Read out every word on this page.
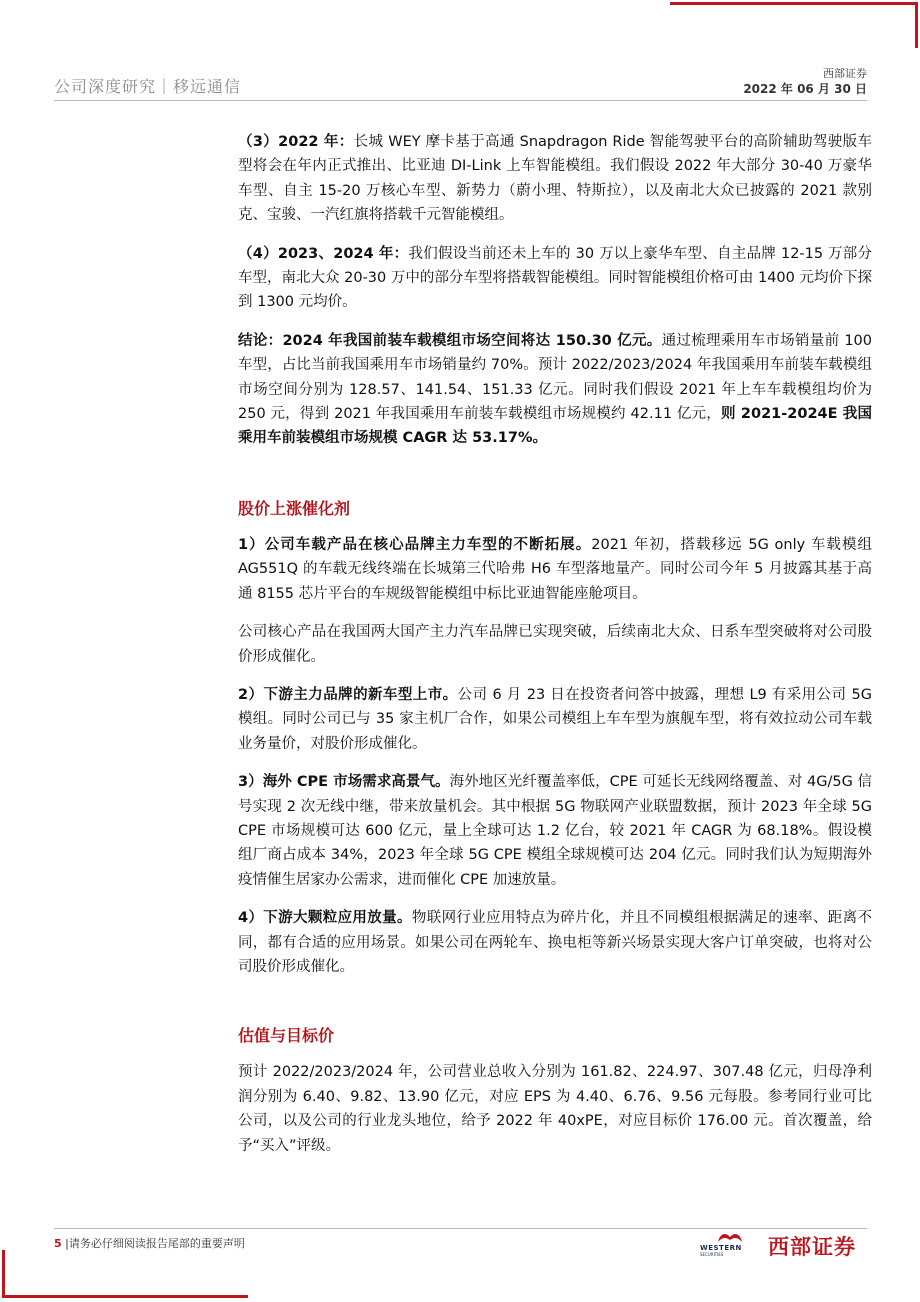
公司深度研究｜移远通信
西部证券
2022 年 06 月 30 日

（3）2022 年：长城 WEY 摩卡基于高通 Snapdragon Ride 智能驾驶平台的高阶辅助驾驶版车型将会在年内正式推出、比亚迪 DI-Link 上车智能模组。我们假设 2022 年大部分 30-40 万豪华车型、自主 15-20 万核心车型、新势力（蔚小理、特斯拉），以及南北大众已披露的 2021 款别克、宝骏、一汽红旗将搭载千元智能模组。

（4）2023、2024 年：我们假设当前还未上车的 30 万以上豪华车型、自主品牌 12-15 万部分车型，南北大众 20-30 万中的部分车型将搭载智能模组。同时智能模组价格可由 1400 元均价下探到 1300 元均价。

结论：2024 年我国前装车载模组市场空间将达 150.30 亿元。通过梳理乘用车市场销量前 100 车型，占比当前我国乘用车市场销量约 70%。预计 2022/2023/2024 年我国乘用车前装车载模组市场空间分别为 128.57、141.54、151.33 亿元。同时我们假设 2021 年上车车载模组均价为 250 元，得到 2021 年我国乘用车前装车载模组市场规模约 42.11 亿元，则 2021-2024E 我国乘用车前装模组市场规模 CAGR 达 53.17%。

股价上涨催化剂

1）公司车载产品在核心品牌主力车型的不断拓展。2021 年初，搭载移远 5G only 车载模组 AG551Q 的车载无线终端在长城第三代哈弗 H6 车型落地量产。同时公司今年 5 月披露其基于高通 8155 芯片平台的车规级智能模组中标比亚迪智能座舱项目。

公司核心产品在我国两大国产主力汽车品牌已实现突破，后续南北大众、日系车型突破将对公司股价形成催化。

2）下游主力品牌的新车型上市。公司 6 月 23 日在投资者问答中披露，理想 L9 有采用公司 5G 模组。同时公司已与 35 家主机厂合作，如果公司模组上车车型为旗舰车型，将有效拉动公司车载业务量价，对股价形成催化。

3）海外 CPE 市场需求高景气。海外地区光纤覆盖率低，CPE 可延长无线网络覆盖、对 4G/5G 信号实现 2 次无线中继，带来放量机会。其中根据 5G 物联网产业联盟数据，预计 2023 年全球 5G CPE 市场规模可达 600 亿元，量上全球可达 1.2 亿台，较 2021 年 CAGR 为 68.18%。假设模组厂商占成本 34%，2023 年全球 5G CPE 模组全球规模可达 204 亿元。同时我们认为短期海外疫情催生居家办公需求，进而催化 CPE 加速放量。

4）下游大颗粒应用放量。物联网行业应用特点为碎片化，并且不同模组根据满足的速率、距离不同，都有合适的应用场景。如果公司在两轮车、换电柜等新兴场景实现大客户订单突破，也将对公司股价形成催化。

估值与目标价

预计 2022/2023/2024 年，公司营业总收入分别为 161.82、224.97、307.48 亿元，归母净利润分别为 6.40、9.82、13.90 亿元，对应 EPS 为 4.40、6.76、9.56 元每股。参考同行业可比公司，以及公司的行业龙头地位，给予 2022 年 40xPE，对应目标价 176.00 元。首次覆盖，给予“买入”评级。

5 |请务必仔细阅读报告尾部的重要声明	WESTERN
SECURITIES 西部证券
